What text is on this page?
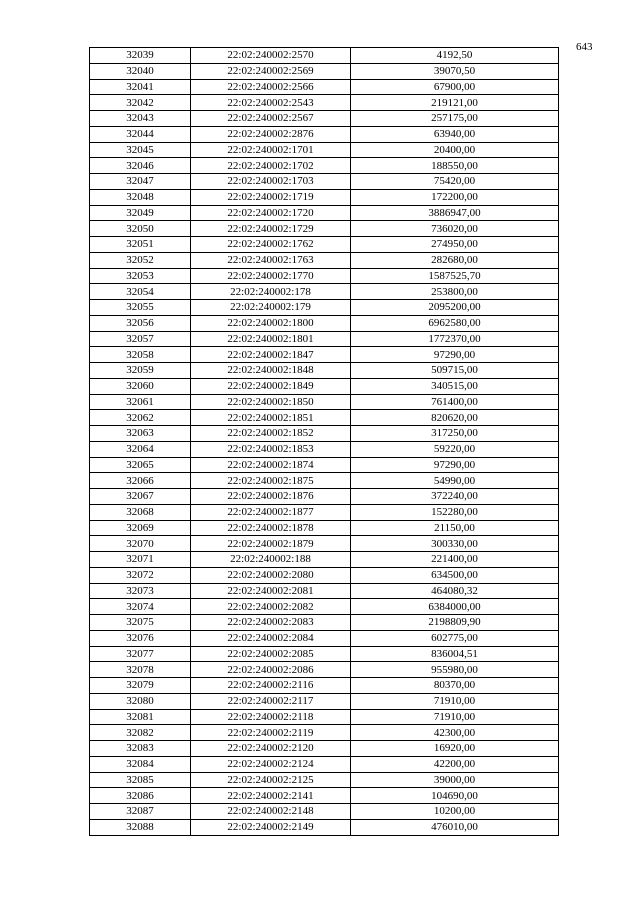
643
32039	22:02:240002:2570	4192,50
32040	22:02:240002:2569	39070,50
32041	22:02:240002:2566	67900,00
32042	22:02:240002:2543	219121,00
32043	22:02:240002:2567	257175,00
32044	22:02:240002:2876	63940,00
32045	22:02:240002:1701	20400,00
32046	22:02:240002:1702	188550,00
32047	22:02:240002:1703	75420,00
32048	22:02:240002:1719	172200,00
32049	22:02:240002:1720	3886947,00
32050	22:02:240002:1729	736020,00
32051	22:02:240002:1762	274950,00
32052	22:02:240002:1763	282680,00
32053	22:02:240002:1770	1587525,70
32054	22:02:240002:178	253800,00
32055	22:02:240002:179	2095200,00
32056	22:02:240002:1800	6962580,00
32057	22:02:240002:1801	1772370,00
32058	22:02:240002:1847	97290,00
32059	22:02:240002:1848	509715,00
32060	22:02:240002:1849	340515,00
32061	22:02:240002:1850	761400,00
32062	22:02:240002:1851	820620,00
32063	22:02:240002:1852	317250,00
32064	22:02:240002:1853	59220,00
32065	22:02:240002:1874	97290,00
32066	22:02:240002:1875	54990,00
32067	22:02:240002:1876	372240,00
32068	22:02:240002:1877	152280,00
32069	22:02:240002:1878	21150,00
32070	22:02:240002:1879	300330,00
32071	22:02:240002:188	221400,00
32072	22:02:240002:2080	634500,00
32073	22:02:240002:2081	464080,32
32074	22:02:240002:2082	6384000,00
32075	22:02:240002:2083	2198809,90
32076	22:02:240002:2084	602775,00
32077	22:02:240002:2085	836004,51
32078	22:02:240002:2086	955980,00
32079	22:02:240002:2116	80370,00
32080	22:02:240002:2117	71910,00
32081	22:02:240002:2118	71910,00
32082	22:02:240002:2119	42300,00
32083	22:02:240002:2120	16920,00
32084	22:02:240002:2124	42200,00
32085	22:02:240002:2125	39000,00
32086	22:02:240002:2141	104690,00
32087	22:02:240002:2148	10200,00
32088	22:02:240002:2149	476010,00
